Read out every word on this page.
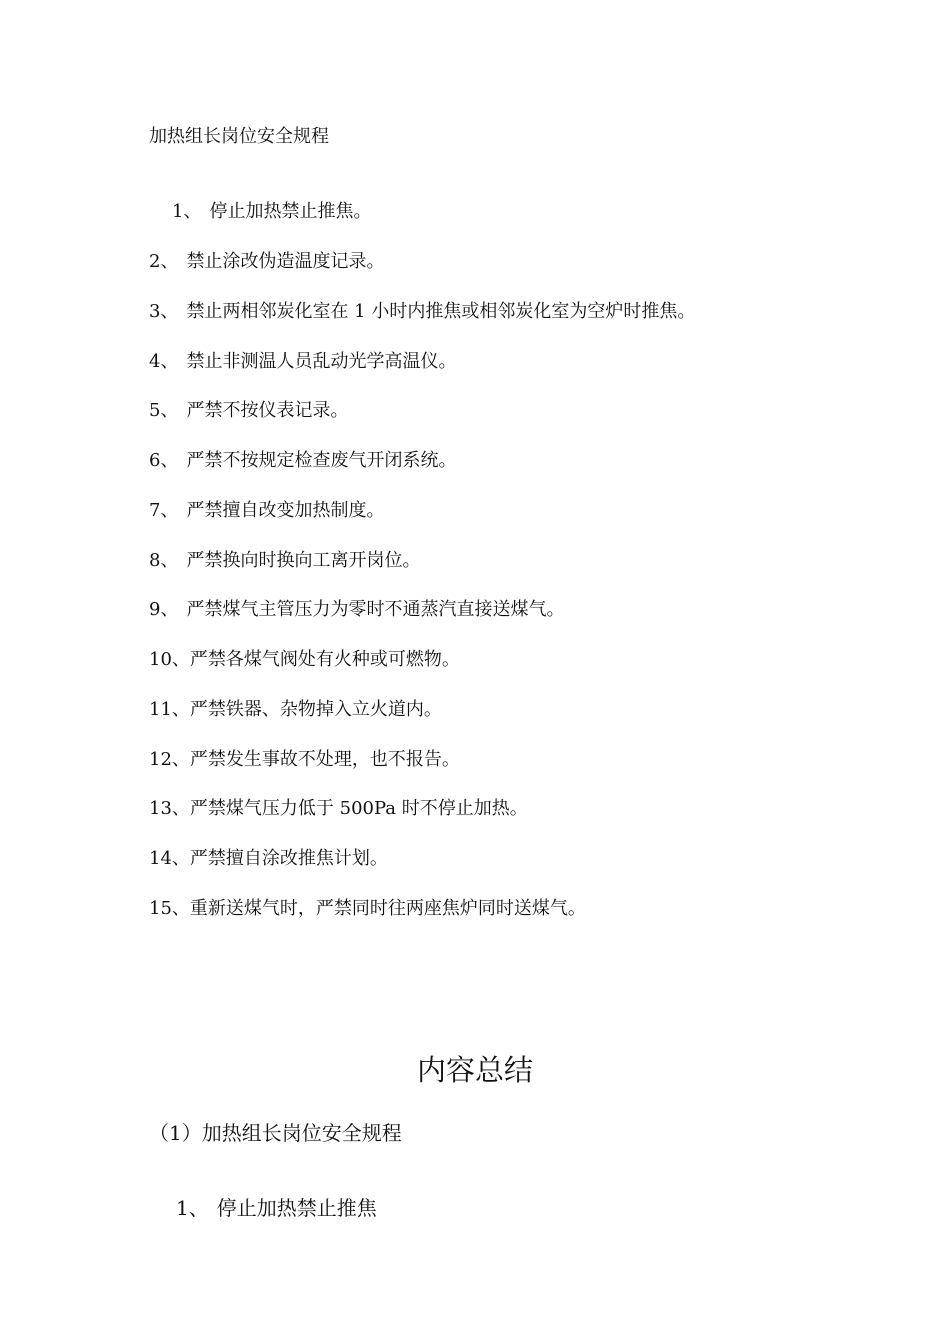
加热组长岗位安全规程
1、 停止加热禁止推焦。
2、 禁止涂改伪造温度记录。
3、 禁止两相邻炭化室在 1 小时内推焦或相邻炭化室为空炉时推焦。
4、 禁止非测温人员乱动光学高温仪。
5、 严禁不按仪表记录。
6、 严禁不按规定检查废气开闭系统。
7、 严禁擅自改变加热制度。
8、 严禁换向时换向工离开岗位。
9、 严禁煤气主管压力为零时不通蒸汽直接送煤气。
10、严禁各煤气阀处有火种或可燃物。
11、严禁铁器、杂物掉入立火道内。
12、严禁发生事故不处理，也不报告。
13、严禁煤气压力低于 500Pa 时不停止加热。
14、严禁擅自涂改推焦计划。
15、重新送煤气时，严禁同时往两座焦炉同时送煤气。
内容总结
（1）加热组长岗位安全规程
1、 停止加热禁止推焦
